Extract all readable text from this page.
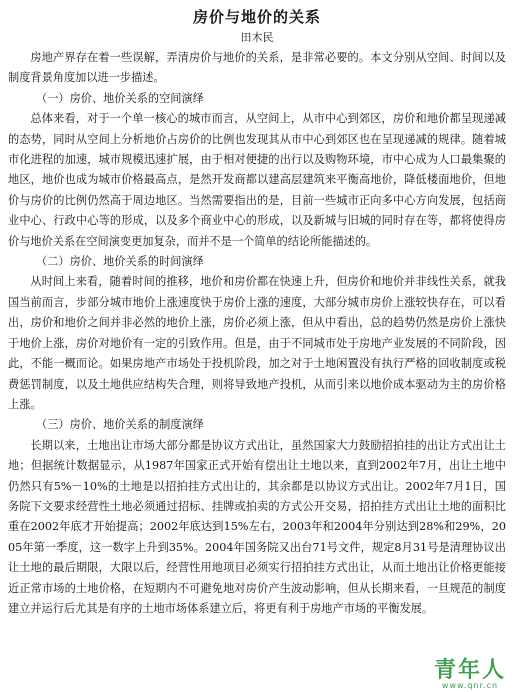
房价与地价的关系

田木民

房地产界存在着一些误解，弄清房价与地价的关系，是非常必要的。本文分别从空间、时间以及制度背景角度加以进一步描述。

（一）房价、地价关系的空间演绎

总体来看，对于一个单一核心的城市而言，从空间上，从市中心到郊区，房价和地价都呈现递减的态势，同时从空间上分析地价占房价的比例也发现其从市中心到郊区也在呈现递减的规律。随着城市化进程的加速，城市规模迅速扩展，由于相对便捷的出行以及购物环境，市中心成为人口最集聚的地区，地价也成为城市价格最高点，是然开发商都以建高层建筑来平衡高地价，降低楼面地价，但地价与房价的比例仍然高于周边地区。当然需要指出的是，目前一些城市正向多中心方向发展，包括商业中心、行政中心等的形成，以及多个商业中心的形成，以及新城与旧城的同时存在等，都将使得房价与地价关系在空间演变更加复杂，而并不是一个简单的结论所能描述的。

（二）房价、地价关系的时间演绎

从时间上来看，随着时间的推移，地价和房价都在快速上升，但房价和地价并非线性关系，就我国当前而言，步部分城市地价上涨速度快于房价上涨的速度，大部分城市房价上涨较快存在，可以看出，房价和地价之间并非必然的地价上涨，房价必须上涨，但从中看出，总的趋势仍然是房价上涨快于地价上涨，房价对地价有一定的引致作用。但是，由于不同城市处于房地产业发展的不同阶段，因此，不能一概而论。如果房地产市场处于投机阶段，加之对于土地闲置没有执行严格的回收制度或税费惩罚制度，以及土地供应结构失合理，则将导致地产投机，从而引来以地价成本驱动为主的房价格上涨。

（三）房价、地价关系的制度演绎

长期以来，土地出让市场大部分都是协议方式出让，虽然国家大力鼓励招拍挂的出让方式出让土地；但据统计数据显示，从1987年国家正式开始有偿出让土地以来，直到2002年7月，出让土地中仍然只有5%－10%的土地是以招拍挂方式出让的，其余都是以协议方式出让。2002年7月1日，国务院下文要求经营性土地必须通过招标、挂牌或拍卖的方式公开交易，招拍挂方式出让土地的面积比重在2002年底才开始提高；2002年底达到15%左右，2003年和2004年分别达到28%和29%，2005年第一季度，这一数字上升到35%。2004年国务院又出台71号文件，规定8月31号是清理协议出让土地的最后期限，大限以后，经营性用地项目必须实行招拍挂方式出让，从而土地出让价格更能接近正常市场的土地价格，在短期内不可避免地对房价产生波动影响，但从长期来看，一旦规范的制度建立并运行后尤其是有序的土地市场体系建立后，将更有利于房地产市场的平衡发展。

青年人
www.qnr.cn
